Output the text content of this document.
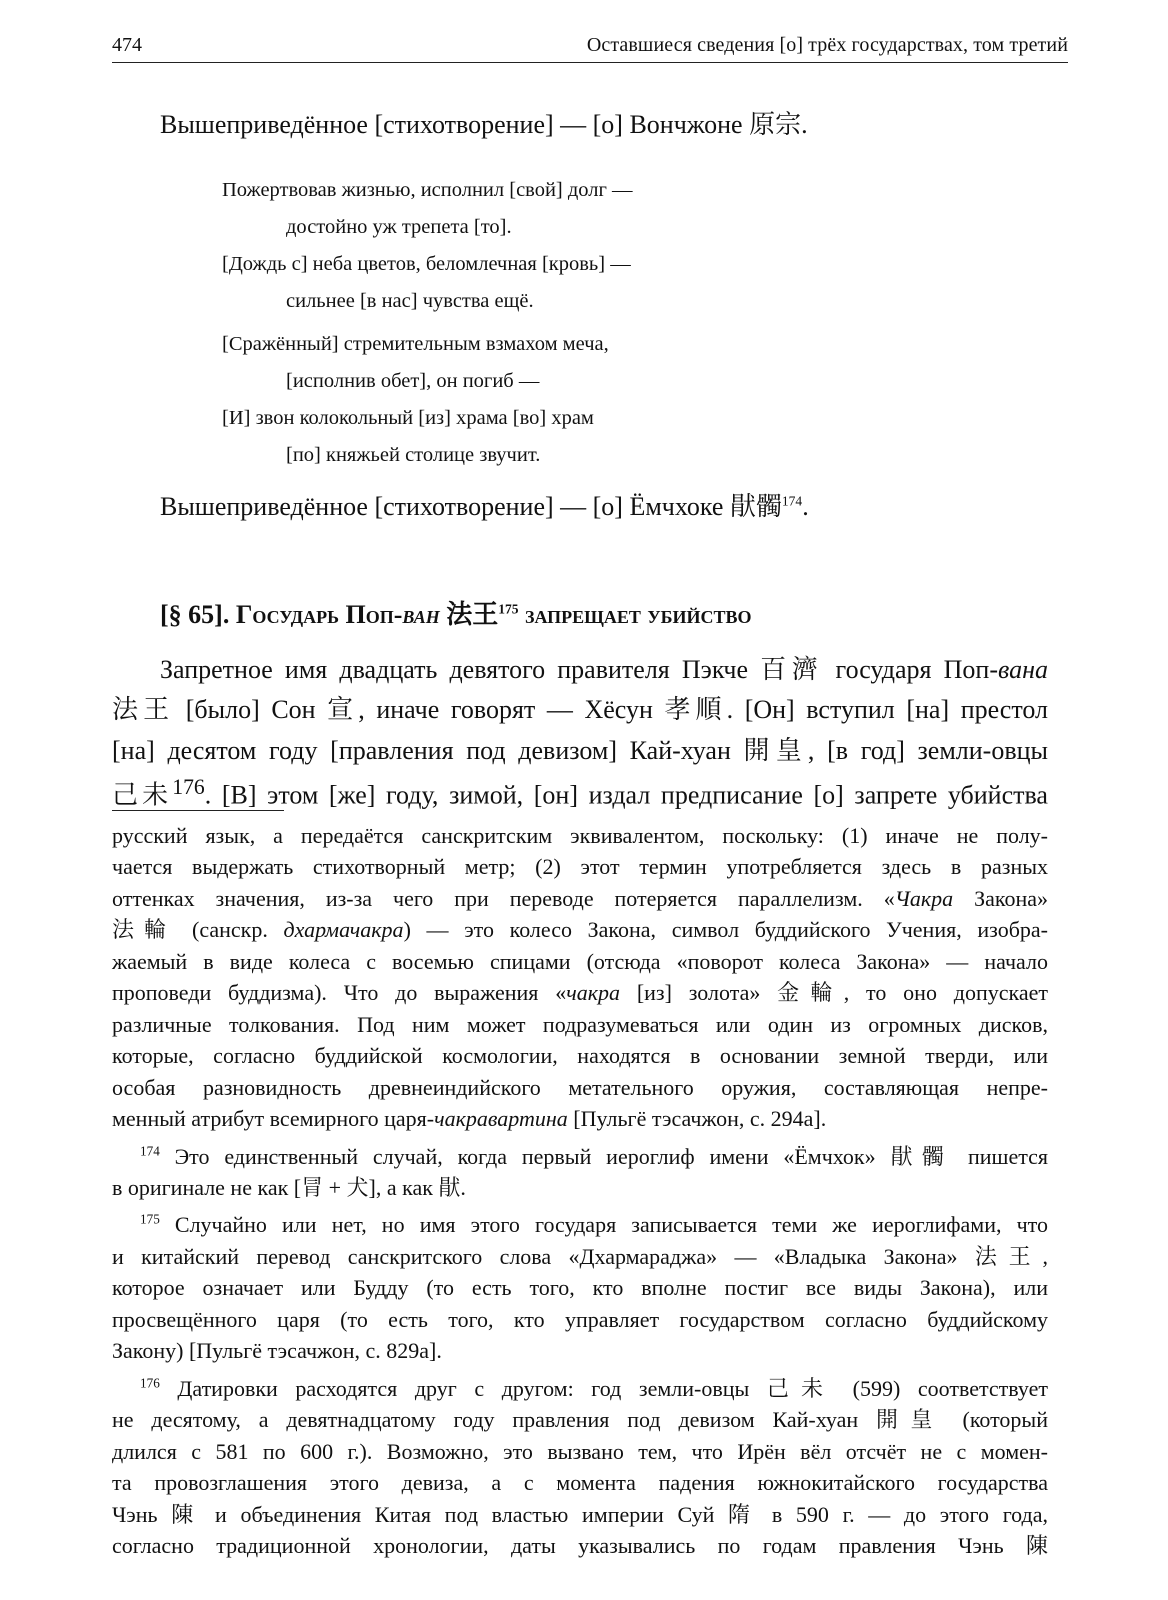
474	Оставшиеся сведения [о] трёх государствах, том третий
Вышеприведённое [стихотворение] — [о] Вончжоне 原宗.
Пожертвовав жизнью, исполнил [свой] долг —
достойно уж трепета [то].
[Дождь с] неба цветов, беломлечная [кровь] —
сильнее [в нас] чувства ещё.
[Сражённый] стремительным взмахом меча,
[исполнив обет], он погиб —
[И] звон колокольный [из] храма [во] храм
[по] княжьей столице звучит.
Вышеприведённое [стихотворение] — [о] Ёмчхоке 猒髑$^{174}$.
[§ 65]. Государь Поп-ван 法王$^{175}$ запрещает убийство
Запретное имя двадцать девятого правителя Пэкче 百濟 государя Поп-вана
法王 [было] Сон 宣, иначе говорят — Хёсун 孝順. [Он] вступил [на] престол
[на] десятом году [правления под девизом] Кай-хуан 開皇, [в год] земли-овцы
己未$^{176}$. [В] этом [же] году, зимой, [он] издал предписание [о] запрете убийства
русский язык, а передаётся санскритским эквивалентом, поскольку: (1) иначе не полу-
чается выдержать стихотворный метр; (2) этот термин употребляется здесь в разных
оттенках значения, из-за чего при переводе потеряется параллелизм. «Чакра Закона»
法輪 (санскр. дхармачакра) — это колесо Закона, символ буддийского Учения, изобра-
жаемый в виде колеса с восемью спицами (отсюда «поворот колеса Закона» — начало
проповеди буддизма). Что до выражения «чакра [из] золота» 金輪, то оно допускает
различные толкования. Под ним может подразумеваться или один из огромных дисков,
которые, согласно буддийской космологии, находятся в основании земной тверди, или
особая разновидность древнеиндийского метательного оружия, составляющая непре-
менный атрибут всемирного царя-чакравартина [Пульгё тэсачжон, с. 294а].
$^{174}$ Это единственный случай, когда первый иероглиф имени «Ёмчхок» 猒髑 пишется
в оригинале не как [冐 + 犬], а как 猒.
$^{175}$ Случайно или нет, но имя этого государя записывается теми же иероглифами, что
и китайский перевод санскритского слова «Дхармараджа» — «Владыка Закона» 法王,
которое означает или Будду (то есть того, кто вполне постиг все виды Закона), или
просвещённого царя (то есть того, кто управляет государством согласно буддийскому
Закону) [Пульгё тэсачжон, с. 829а].
$^{176}$ Датировки расходятся друг с другом: год земли-овцы 己未 (599) соответствует
не десятому, а девятнадцатому году правления под девизом Кай-хуан 開皇 (который
длился с 581 по 600 г.). Возможно, это вызвано тем, что Ирён вёл отсчёт не с момен-
та провозглашения этого девиза, а с момента падения южнокитайского государства
Чэнь 陳 и объединения Китая под властью империи Суй 隋 в 590 г. — до этого года,
согласно традиционной хронологии, даты указывались по годам правления Чэнь 陳
